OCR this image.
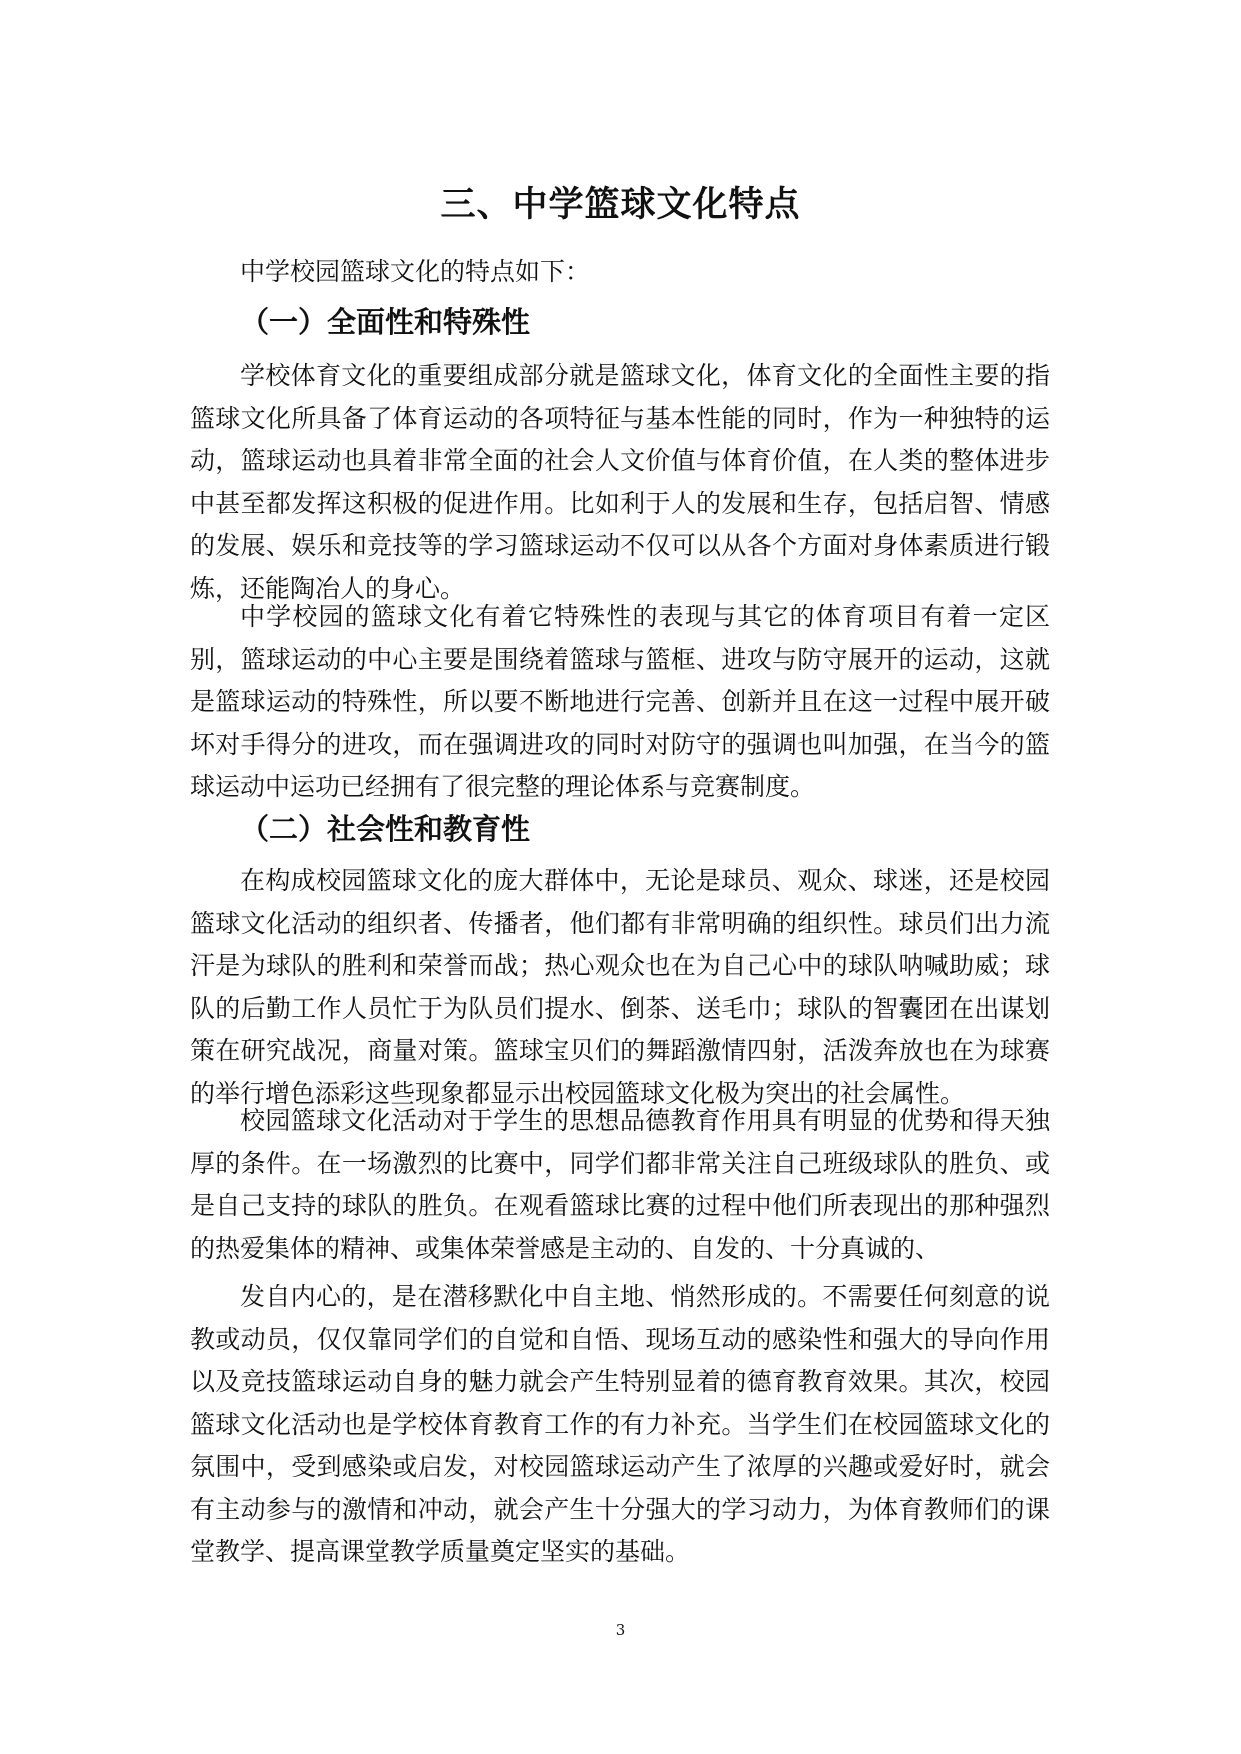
三、中学篮球文化特点

中学校园篮球文化的特点如下：

（一）全面性和特殊性

学校体育文化的重要组成部分就是篮球文化，体育文化的全面性主要的指篮球文化所具备了体育运动的各项特征与基本性能的同时，作为一种独特的运动，篮球运动也具着非常全面的社会人文价值与体育价值，在人类的整体进步中甚至都发挥这积极的促进作用。比如利于人的发展和生存，包括启智、情感的发展、娱乐和竞技等的学习篮球运动不仅可以从各个方面对身体素质进行锻炼，还能陶冶人的身心。

中学校园的篮球文化有着它特殊性的表现与其它的体育项目有着一定区别，篮球运动的中心主要是围绕着篮球与篮框、进攻与防守展开的运动，这就是篮球运动的特殊性，所以要不断地进行完善、创新并且在这一过程中展开破坏对手得分的进攻，而在强调进攻的同时对防守的强调也叫加强，在当今的篮球运动中运功已经拥有了很完整的理论体系与竞赛制度。

（二）社会性和教育性

在构成校园篮球文化的庞大群体中，无论是球员、观众、球迷，还是校园篮球文化活动的组织者、传播者，他们都有非常明确的组织性。球员们出力流汗是为球队的胜利和荣誉而战；热心观众也在为自己心中的球队呐喊助威；球队的后勤工作人员忙于为队员们提水、倒茶、送毛巾；球队的智囊团在出谋划策在研究战况，商量对策。篮球宝贝们的舞蹈激情四射，活泼奔放也在为球赛的举行增色添彩这些现象都显示出校园篮球文化极为突出的社会属性。

校园篮球文化活动对于学生的思想品德教育作用具有明显的优势和得天独厚的条件。在一场激烈的比赛中，同学们都非常关注自己班级球队的胜负、或是自己支持的球队的胜负。在观看篮球比赛的过程中他们所表现出的那种强烈的热爱集体的精神、或集体荣誉感是主动的、自发的、十分真诚的、

发自内心的，是在潜移默化中自主地、悄然形成的。不需要任何刻意的说教或动员，仅仅靠同学们的自觉和自悟、现场互动的感染性和强大的导向作用以及竞技篮球运动自身的魅力就会产生特别显着的德育教育效果。其次，校园篮球文化活动也是学校体育教育工作的有力补充。当学生们在校园篮球文化的氛围中，受到感染或启发，对校园篮球运动产生了浓厚的兴趣或爱好时，就会有主动参与的激情和冲动，就会产生十分强大的学习动力，为体育教师们的课堂教学、提高课堂教学质量奠定坚实的基础。

3
